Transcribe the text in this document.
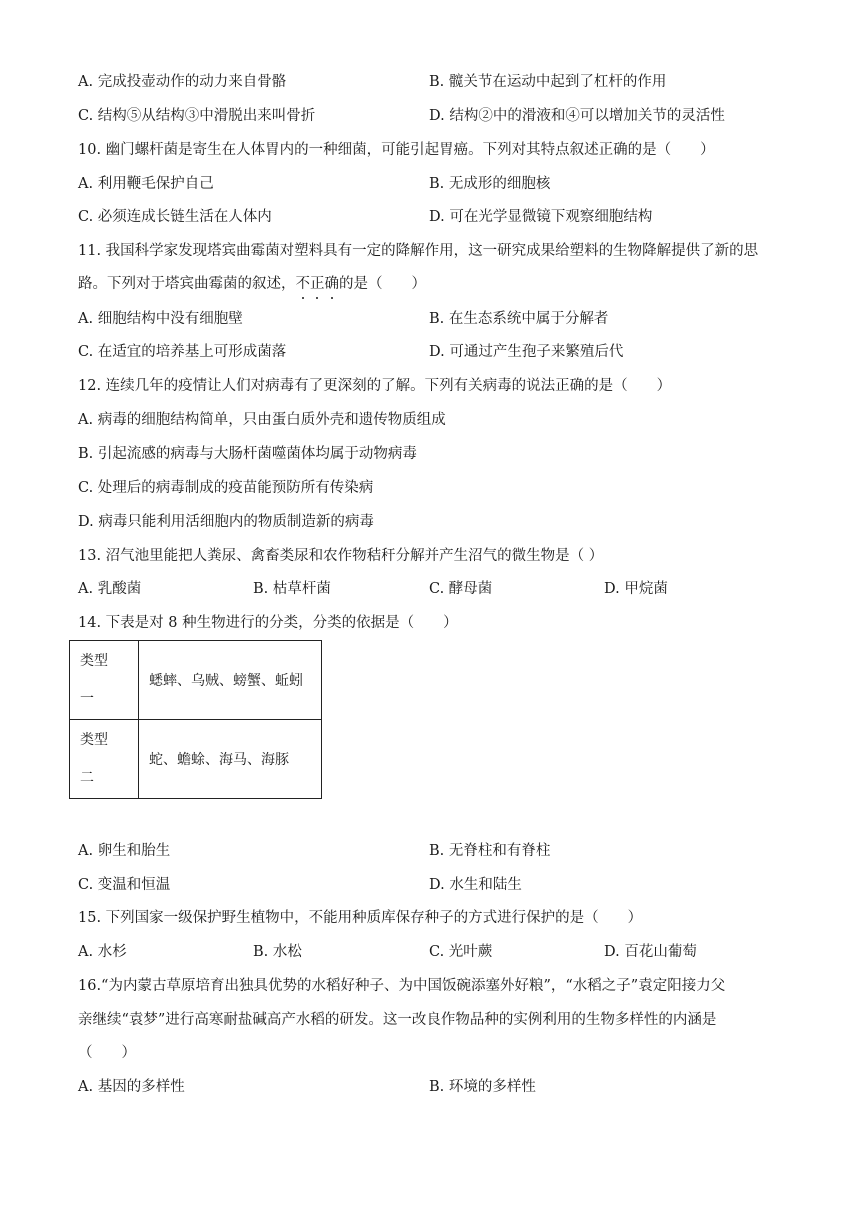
A. 完成投壶动作的动力来自骨骼	B. 髋关节在运动中起到了杠杆的作用
C. 结构⑤从结构③中滑脱出来叫骨折	D. 结构②中的滑液和④可以增加关节的灵活性
10. 幽门螺杆菌是寄生在人体胃内的一种细菌，可能引起胃癌。下列对其特点叙述正确的是（　　）
A. 利用鞭毛保护自己	B. 无成形的细胞核
C. 必须连成长链生活在人体内	D. 可在光学显微镜下观察细胞结构
11. 我国科学家发现塔宾曲霉菌对塑料具有一定的降解作用，这一研究成果给塑料的生物降解提供了新的思
路。下列对于塔宾曲霉菌的叙述，不正确的是（　　）
A. 细胞结构中没有细胞壁	B. 在生态系统中属于分解者
C. 在适宜的培养基上可形成菌落	D. 可通过产生孢子来繁殖后代
12. 连续几年的疫情让人们对病毒有了更深刻的了解。下列有关病毒的说法正确的是（　　）
A. 病毒的细胞结构简单，只由蛋白质外壳和遗传物质组成
B. 引起流感的病毒与大肠杆菌噬菌体均属于动物病毒
C. 处理后的病毒制成的疫苗能预防所有传染病
D. 病毒只能利用活细胞内的物质制造新的病毒
13. 沼气池里能把人粪尿、禽畜类尿和农作物秸秆分解并产生沼气的微生物是（ ）
A. 乳酸菌	B. 枯草杆菌	C. 酵母菌	D. 甲烷菌
14. 下表是对 8 种生物进行的分类，分类的依据是（　　）
类型
一	蟋蟀、乌贼、螃蟹、蚯蚓
类型
二	蛇、蟾蜍、海马、海豚
A. 卵生和胎生	B. 无脊柱和有脊柱
C. 变温和恒温	D. 水生和陆生
15. 下列国家一级保护野生植物中，不能用种质库保存种子的方式进行保护的是（　　）
A. 水杉	B. 水松	C. 光叶蕨	D. 百花山葡萄
16.“为内蒙古草原培育出独具优势的水稻好种子、为中国饭碗添塞外好粮”，“水稻之子”袁定阳接力父
亲继续“袁梦”进行高寒耐盐碱高产水稻的研发。这一改良作物品种的实例利用的生物多样性的内涵是
（　　）
A. 基因的多样性	B. 环境的多样性
